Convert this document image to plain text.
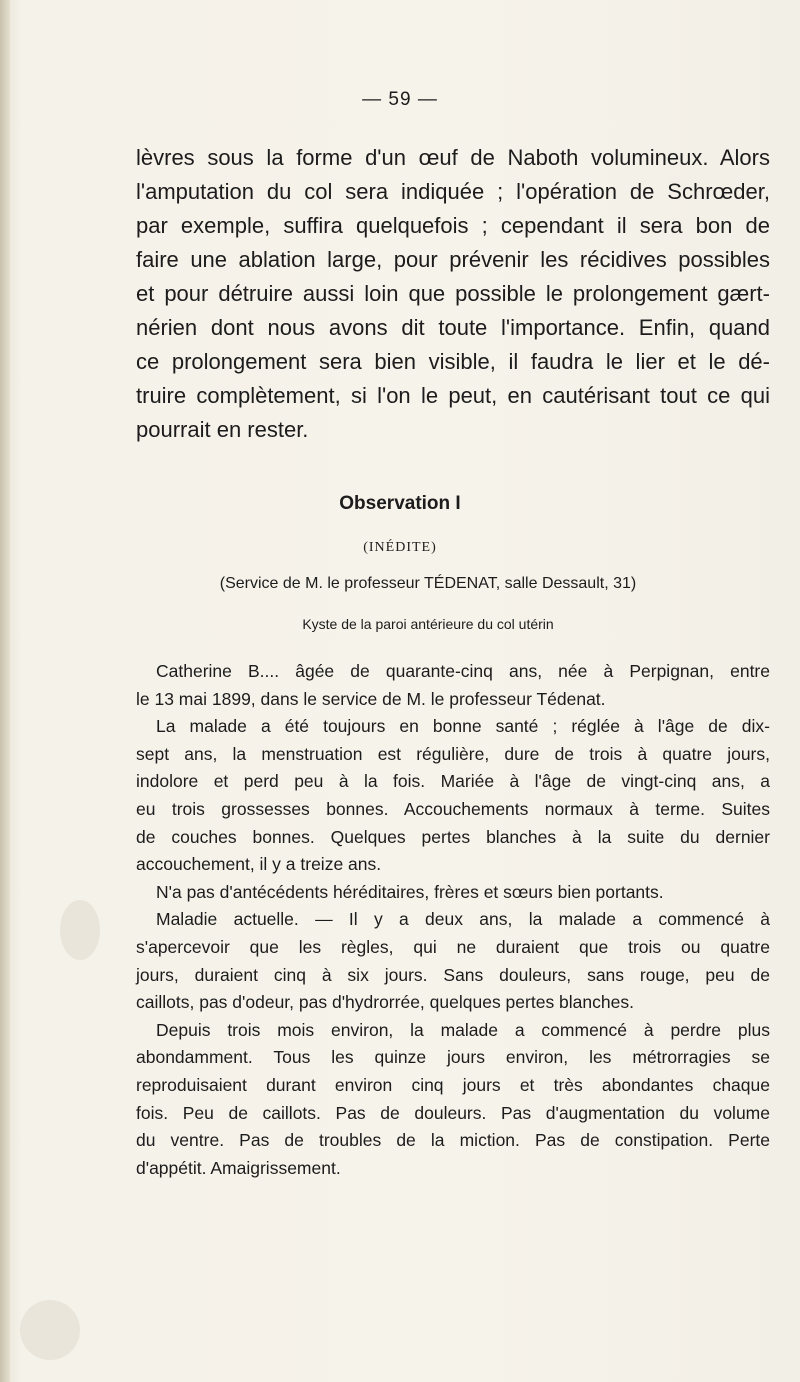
— 59 —
lèvres sous la forme d'un œuf de Naboth volumineux. Alors
l'amputation du col sera indiquée ; l'opération de Schrœder,
par exemple, suffira quelquefois ; cependant il sera bon de
faire une ablation large, pour prévenir les récidives possibles
et pour détruire aussi loin que possible le prolongement gært-
nérien dont nous avons dit toute l'importance. Enfin, quand
ce prolongement sera bien visible, il faudra le lier et le dé-
truire complètement, si l'on le peut, en cautérisant tout ce qui
pourrait en rester.
Observation I
(INÉDITE)
(Service de M. le professeur TÉDENAT, salle Dessault, 31)
Kyste de la paroi antérieure du col utérin
Catherine B.... âgée de quarante-cinq ans, née à Perpignan, entre
le 13 mai 1899, dans le service de M. le professeur Tédenat.
La malade a été toujours en bonne santé ; réglée à l'âge de dix-
sept ans, la menstruation est régulière, dure de trois à quatre jours,
indolore et perd peu à la fois. Mariée à l'âge de vingt-cinq ans, a
eu trois grossesses bonnes. Accouchements normaux à terme. Suites
de couches bonnes. Quelques pertes blanches à la suite du dernier
accouchement, il y a treize ans.
N'a pas d'antécédents héréditaires, frères et sœurs bien portants.
Maladie actuelle. — Il y a deux ans, la malade a commencé à
s'apercevoir que les règles, qui ne duraient que trois ou quatre
jours, duraient cinq à six jours. Sans douleurs, sans rouge, peu de
caillots, pas d'odeur, pas d'hydrorrée, quelques pertes blanches.
Depuis trois mois environ, la malade a commencé à perdre plus
abondamment. Tous les quinze jours environ, les métrorragies se
reproduisaient durant environ cinq jours et très abondantes chaque
fois. Peu de caillots. Pas de douleurs. Pas d'augmentation du volume
du ventre. Pas de troubles de la miction. Pas de constipation. Perte
d'appétit. Amaigrissement.
